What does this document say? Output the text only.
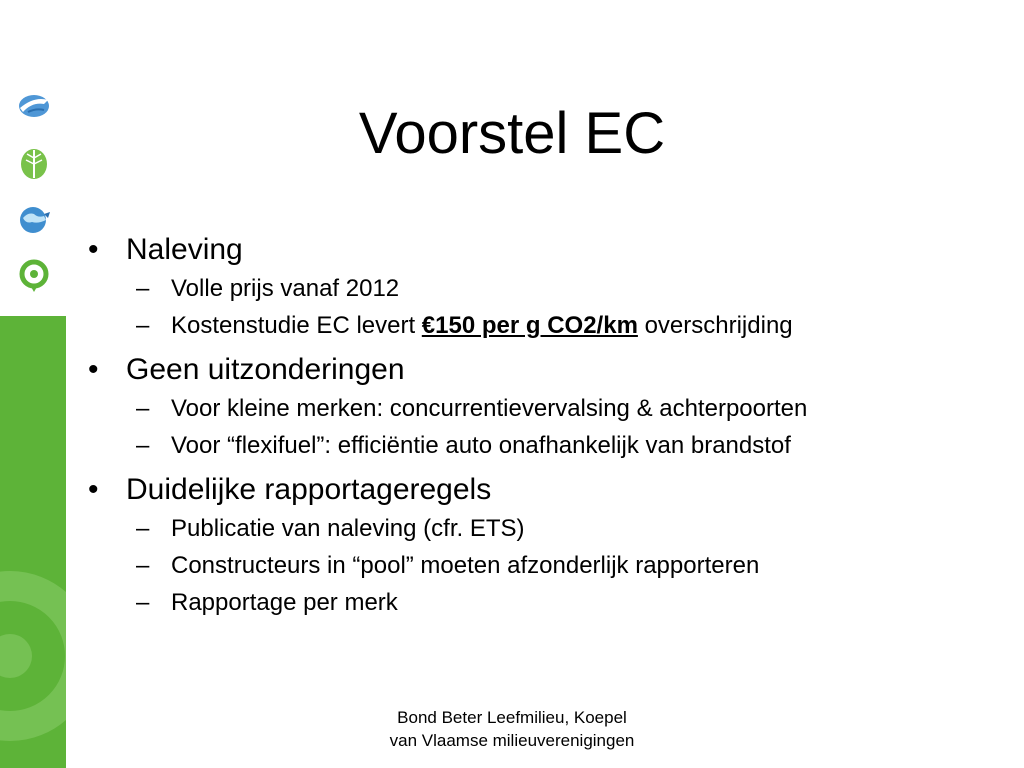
Voorstel EC
• Naleving
– Volle prijs vanaf 2012
– Kostenstudie EC levert €150 per g CO2/km overschrijding
• Geen uitzonderingen
– Voor kleine merken: concurrentievervalsing & achterpoorten
– Voor “flexifuel”: efficiëntie auto onafhankelijk van brandstof
• Duidelijke rapportageregels
– Publicatie van naleving (cfr. ETS)
– Constructeurs in “pool” moeten afzonderlijk rapporteren
– Rapportage per merk
Bond Beter Leefmilieu, Koepel
van Vlaamse milieuverenigingen
